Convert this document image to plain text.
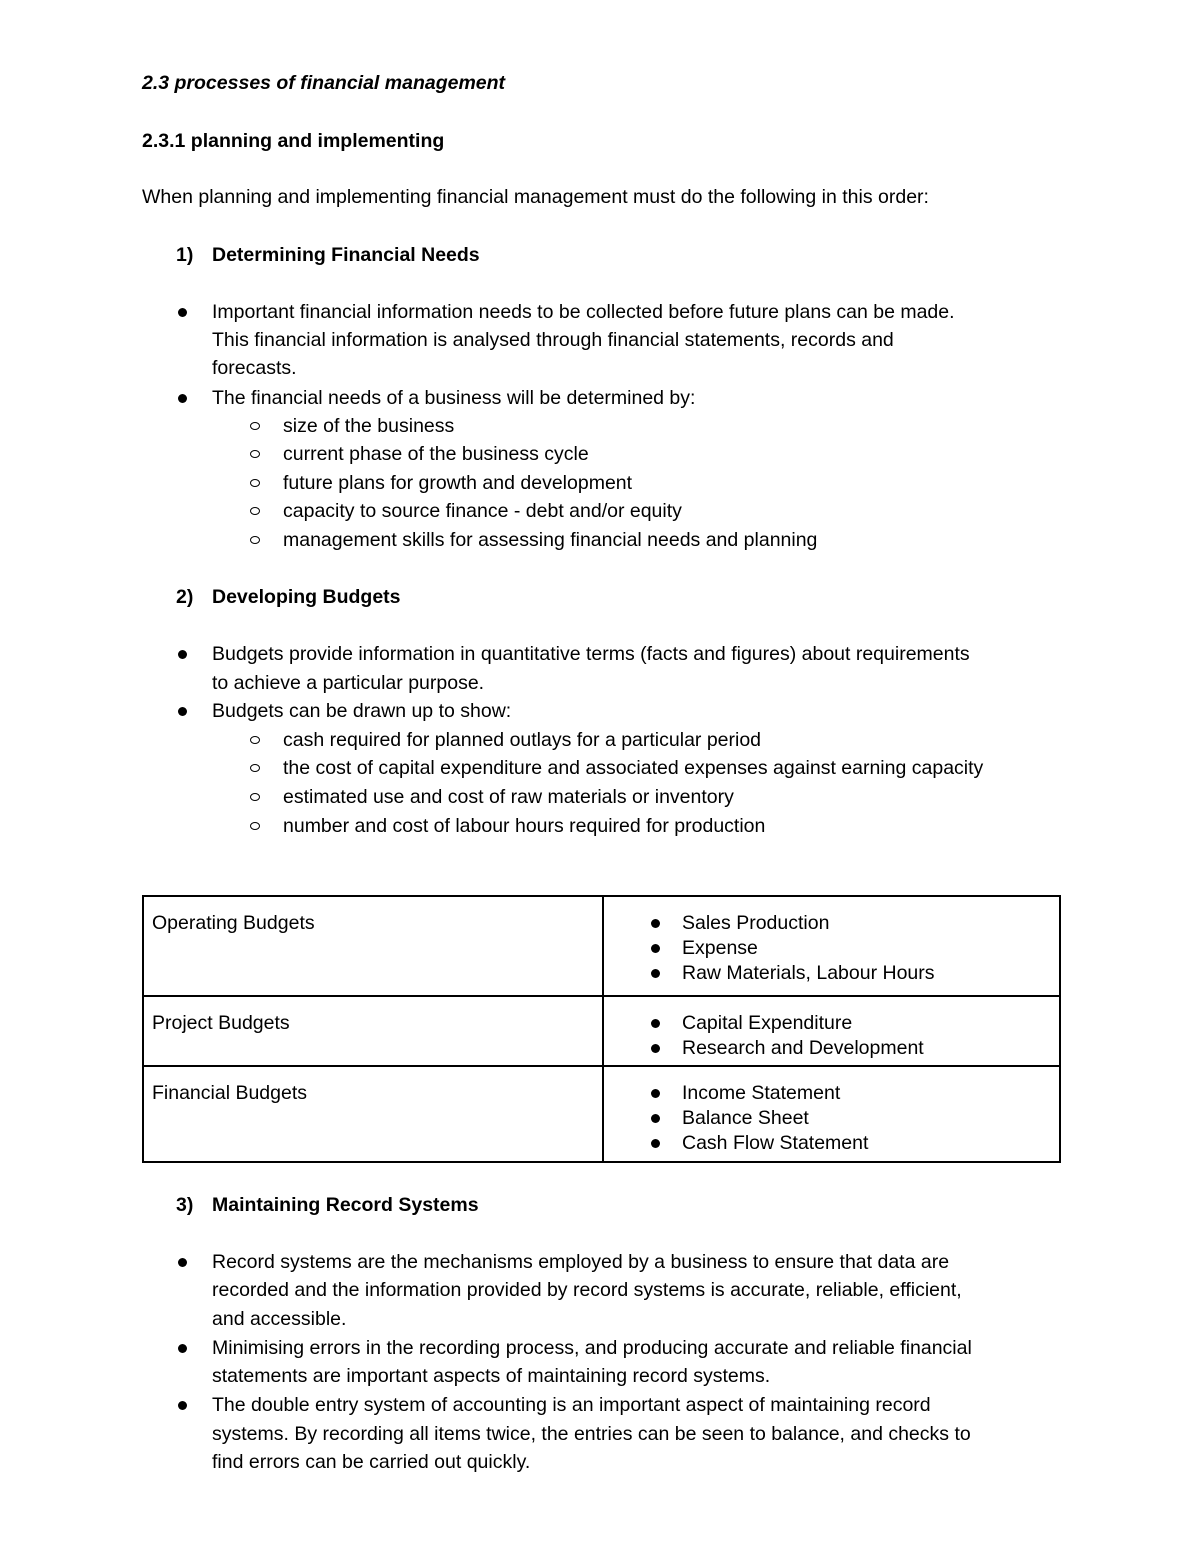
2.3 processes of financial management
2.3.1 planning and implementing
When planning and implementing financial management must do the following in this order:
1) Determining Financial Needs
Important financial information needs to be collected before future plans can be made.
This financial information is analysed through financial statements, records and
forecasts.
The financial needs of a business will be determined by:
size of the business
current phase of the business cycle
future plans for growth and development
capacity to source finance - debt and/or equity
management skills for assessing financial needs and planning
2) Developing Budgets
Budgets provide information in quantitative terms (facts and figures) about requirements
to achieve a particular purpose.
Budgets can be drawn up to show:
cash required for planned outlays for a particular period
the cost of capital expenditure and associated expenses against earning capacity
estimated use and cost of raw materials or inventory
number and cost of labour hours required for production
Operating Budgets	Sales Production
Expense
Raw Materials, Labour Hours

Project Budgets	Capital Expenditure
Research and Development

Financial Budgets	Income Statement
Balance Sheet
Cash Flow Statement
3) Maintaining Record Systems
Record systems are the mechanisms employed by a business to ensure that data are
recorded and the information provided by record systems is accurate, reliable, efficient,
and accessible.
Minimising errors in the recording process, and producing accurate and reliable financial
statements are important aspects of maintaining record systems.
The double entry system of accounting is an important aspect of maintaining record
systems. By recording all items twice, the entries can be seen to balance, and checks to
find errors can be carried out quickly.
